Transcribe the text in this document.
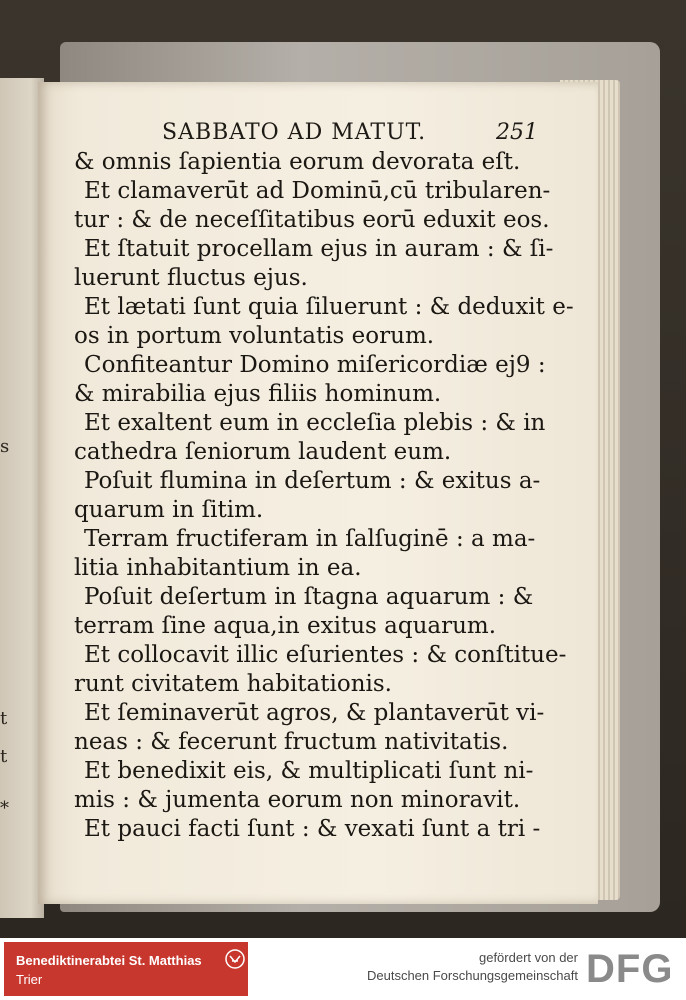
s
t
t
*
SABBATO AD MATUT.	251
& omnis ſapientia eorum devorata eſt.
Et clamaverūt ad Dominū,cū tribularen-
tur : & de neceſſitatibus eorū eduxit eos.
Et ſtatuit procellam ejus in auram : & ſi-
luerunt fluctus ejus.
Et lætati ſunt quia ſiluerunt : & deduxit e-
os in portum voluntatis eorum.
Confiteantur Domino miſericordiæ ej9 :
& mirabilia ejus filiis hominum.
Et exaltent eum in eccleſia plebis : & in
cathedra ſeniorum laudent eum.
Poſuit flumina in deſertum : & exitus a-
quarum in ſitim.
Terram fructiferam in ſalſuginē : a ma-
litia inhabitantium in ea.
Poſuit deſertum in ſtagna aquarum : &
terram ſine aqua,in exitus aquarum.
Et collocavit illic eſurientes : & conſtitue-
runt civitatem habitationis.
Et ſeminaverūt agros, & plantaverūt vi-
neas : & fecerunt fructum nativitatis.
Et benedixit eis, & multiplicati ſunt ni-
mis : & jumenta eorum non minoravit.
Et pauci facti ſunt : & vexati ſunt a tri -
Benediktinerabtei St. Matthias
Trier
gefördert von der
Deutschen Forschungsgemeinschaft DFG
